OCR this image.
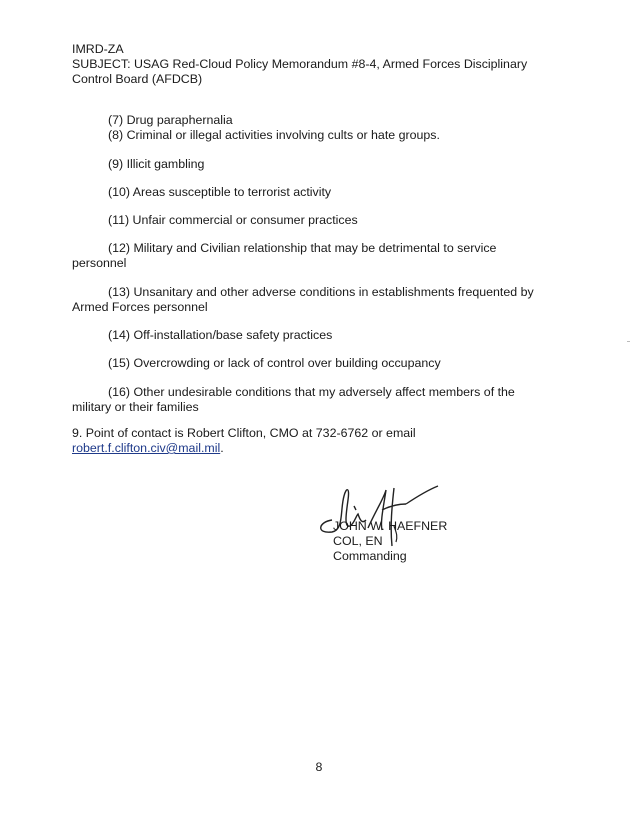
IMRD-ZA
SUBJECT: USAG Red-Cloud Policy Memorandum #8-4, Armed Forces Disciplinary
Control Board (AFDCB)
(7) Drug paraphernalia
(8) Criminal or illegal activities involving cults or hate groups.
(9) Illicit gambling
(10) Areas susceptible to terrorist activity
(11) Unfair commercial or consumer practices
(12) Military and Civilian relationship that may be detrimental to service
personnel
(13) Unsanitary and other adverse conditions in establishments frequented by
Armed Forces personnel
(14) Off-installation/base safety practices
(15) Overcrowding or lack of control over building occupancy
(16) Other undesirable conditions that my adversely affect members of the
military or their families
9. Point of contact is Robert Clifton, CMO at 732-6762 or email
robert.f.clifton.civ@mail.mil.
JOHN W. HAEFNER
COL, EN
Commanding
8
